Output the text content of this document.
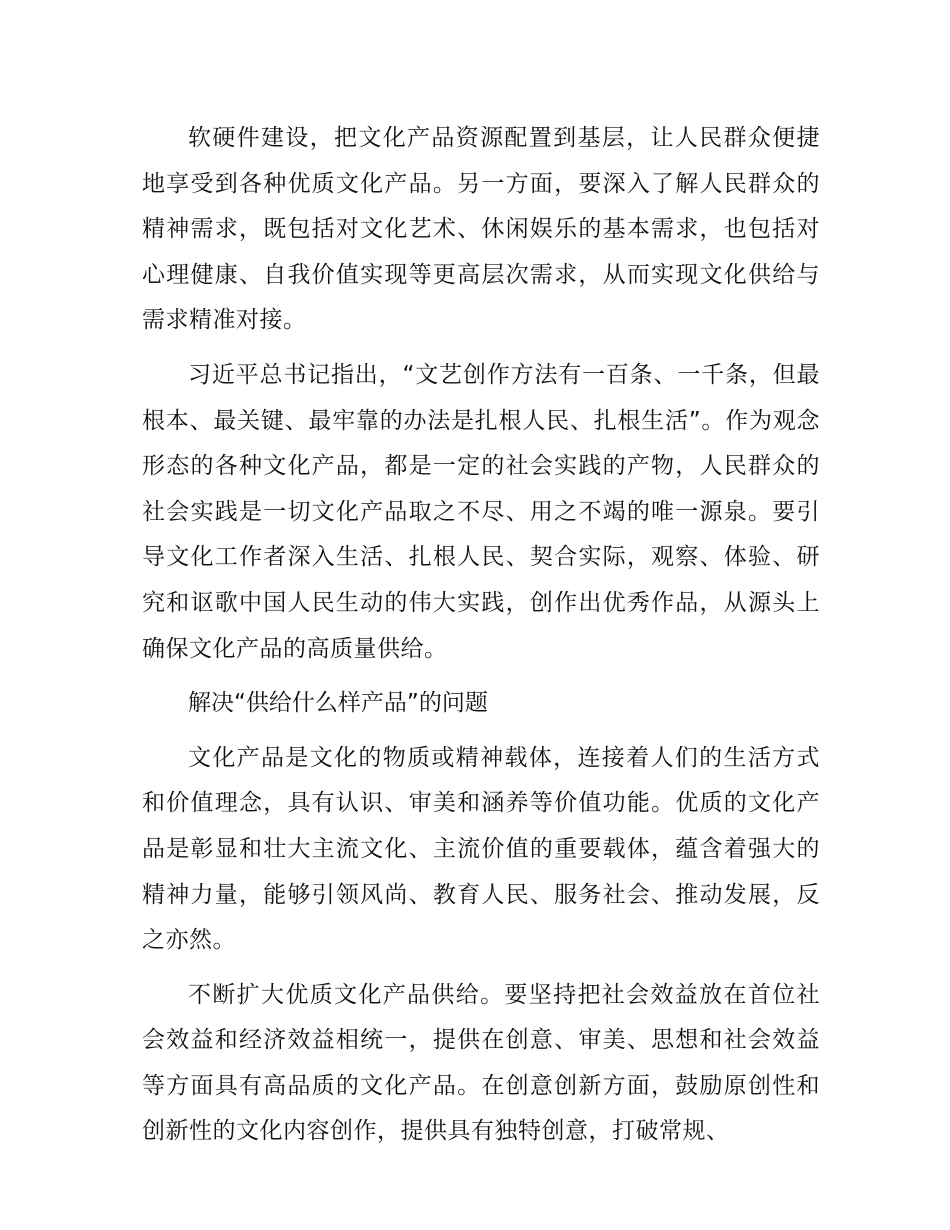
软硬件建设，把文化产品资源配置到基层，让人民群众便捷地享受到各种优质文化产品。另一方面，要深入了解人民群众的精神需求，既包括对文化艺术、休闲娱乐的基本需求，也包括对心理健康、自我价值实现等更高层次需求，从而实现文化供给与需求精准对接。

习近平总书记指出，“文艺创作方法有一百条、一千条，但最根本、最关键、最牢靠的办法是扎根人民、扎根生活”。作为观念形态的各种文化产品，都是一定的社会实践的产物，人民群众的社会实践是一切文化产品取之不尽、用之不竭的唯一源泉。要引导文化工作者深入生活、扎根人民、契合实际，观察、体验、研究和讴歌中国人民生动的伟大实践，创作出优秀作品，从源头上确保文化产品的高质量供给。

解决“供给什么样产品”的问题

文化产品是文化的物质或精神载体，连接着人们的生活方式和价值理念，具有认识、审美和涵养等价值功能。优质的文化产品是彰显和壮大主流文化、主流价值的重要载体，蕴含着强大的精神力量，能够引领风尚、教育人民、服务社会、推动发展，反之亦然。

不断扩大优质文化产品供给。要坚持把社会效益放在首位社会效益和经济效益相统一，提供在创意、审美、思想和社会效益等方面具有高品质的文化产品。在创意创新方面，鼓励原创性和创新性的文化内容创作，提供具有独特创意，打破常规、
